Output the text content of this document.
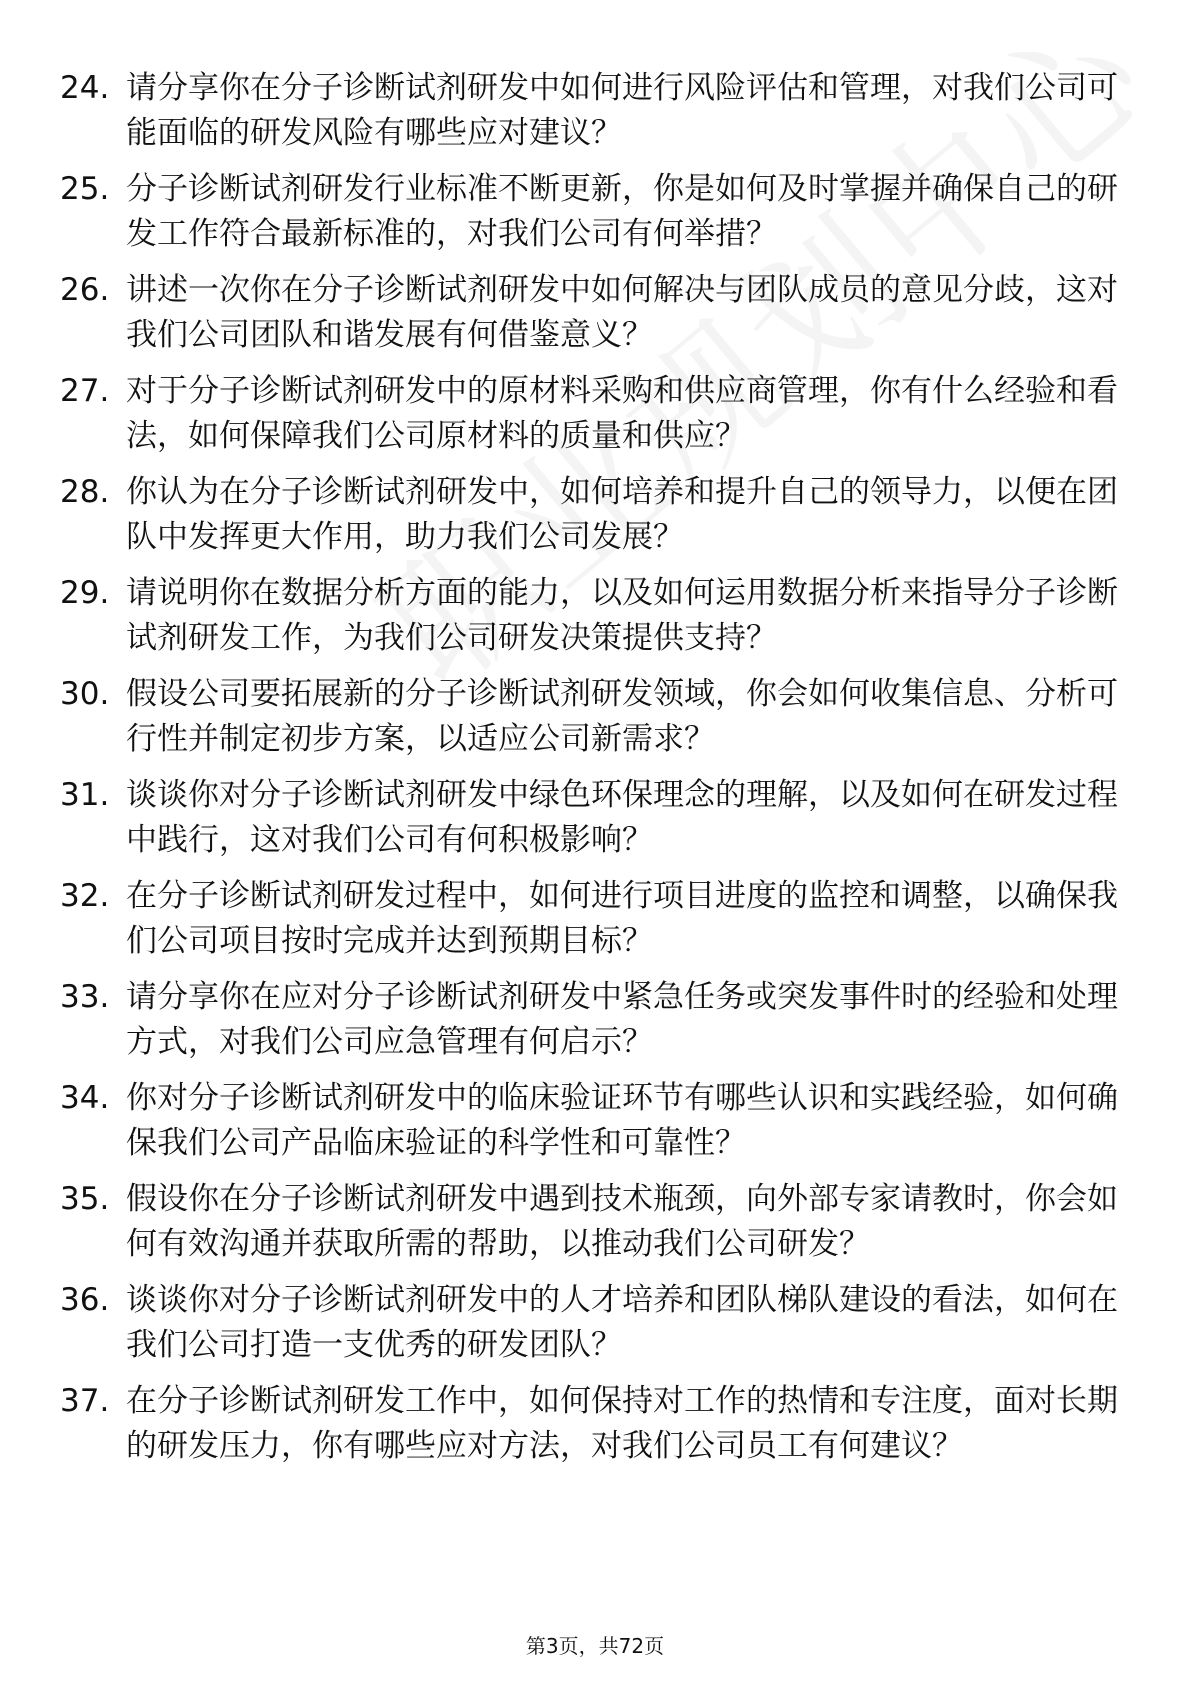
24. 请分享你在分子诊断试剂研发中如何进行风险评估和管理，对我们公司可能面临的研发风险有哪些应对建议？
25. 分子诊断试剂研发行业标准不断更新，你是如何及时掌握并确保自己的研发工作符合最新标准的，对我们公司有何举措？
26. 讲述一次你在分子诊断试剂研发中如何解决与团队成员的意见分歧，这对我们公司团队和谐发展有何借鉴意义？
27. 对于分子诊断试剂研发中的原材料采购和供应商管理，你有什么经验和看法，如何保障我们公司原材料的质量和供应？
28. 你认为在分子诊断试剂研发中，如何培养和提升自己的领导力，以便在团队中发挥更大作用，助力我们公司发展？
29. 请说明你在数据分析方面的能力，以及如何运用数据分析来指导分子诊断试剂研发工作，为我们公司研发决策提供支持？
30. 假设公司要拓展新的分子诊断试剂研发领域，你会如何收集信息、分析可行性并制定初步方案，以适应公司新需求？
31. 谈谈你对分子诊断试剂研发中绿色环保理念的理解，以及如何在研发过程中践行，这对我们公司有何积极影响？
32. 在分子诊断试剂研发过程中，如何进行项目进度的监控和调整，以确保我们公司项目按时完成并达到预期目标？
33. 请分享你在应对分子诊断试剂研发中紧急任务或突发事件时的经验和处理方式，对我们公司应急管理有何启示？
34. 你对分子诊断试剂研发中的临床验证环节有哪些认识和实践经验，如何确保我们公司产品临床验证的科学性和可靠性？
35. 假设你在分子诊断试剂研发中遇到技术瓶颈，向外部专家请教时，你会如何有效沟通并获取所需的帮助，以推动我们公司研发？
36. 谈谈你对分子诊断试剂研发中的人才培养和团队梯队建设的看法，如何在我们公司打造一支优秀的研发团队？
37. 在分子诊断试剂研发工作中，如何保持对工作的热情和专注度，面对长期的研发压力，你有哪些应对方法，对我们公司员工有何建议？
第3页，共72页
